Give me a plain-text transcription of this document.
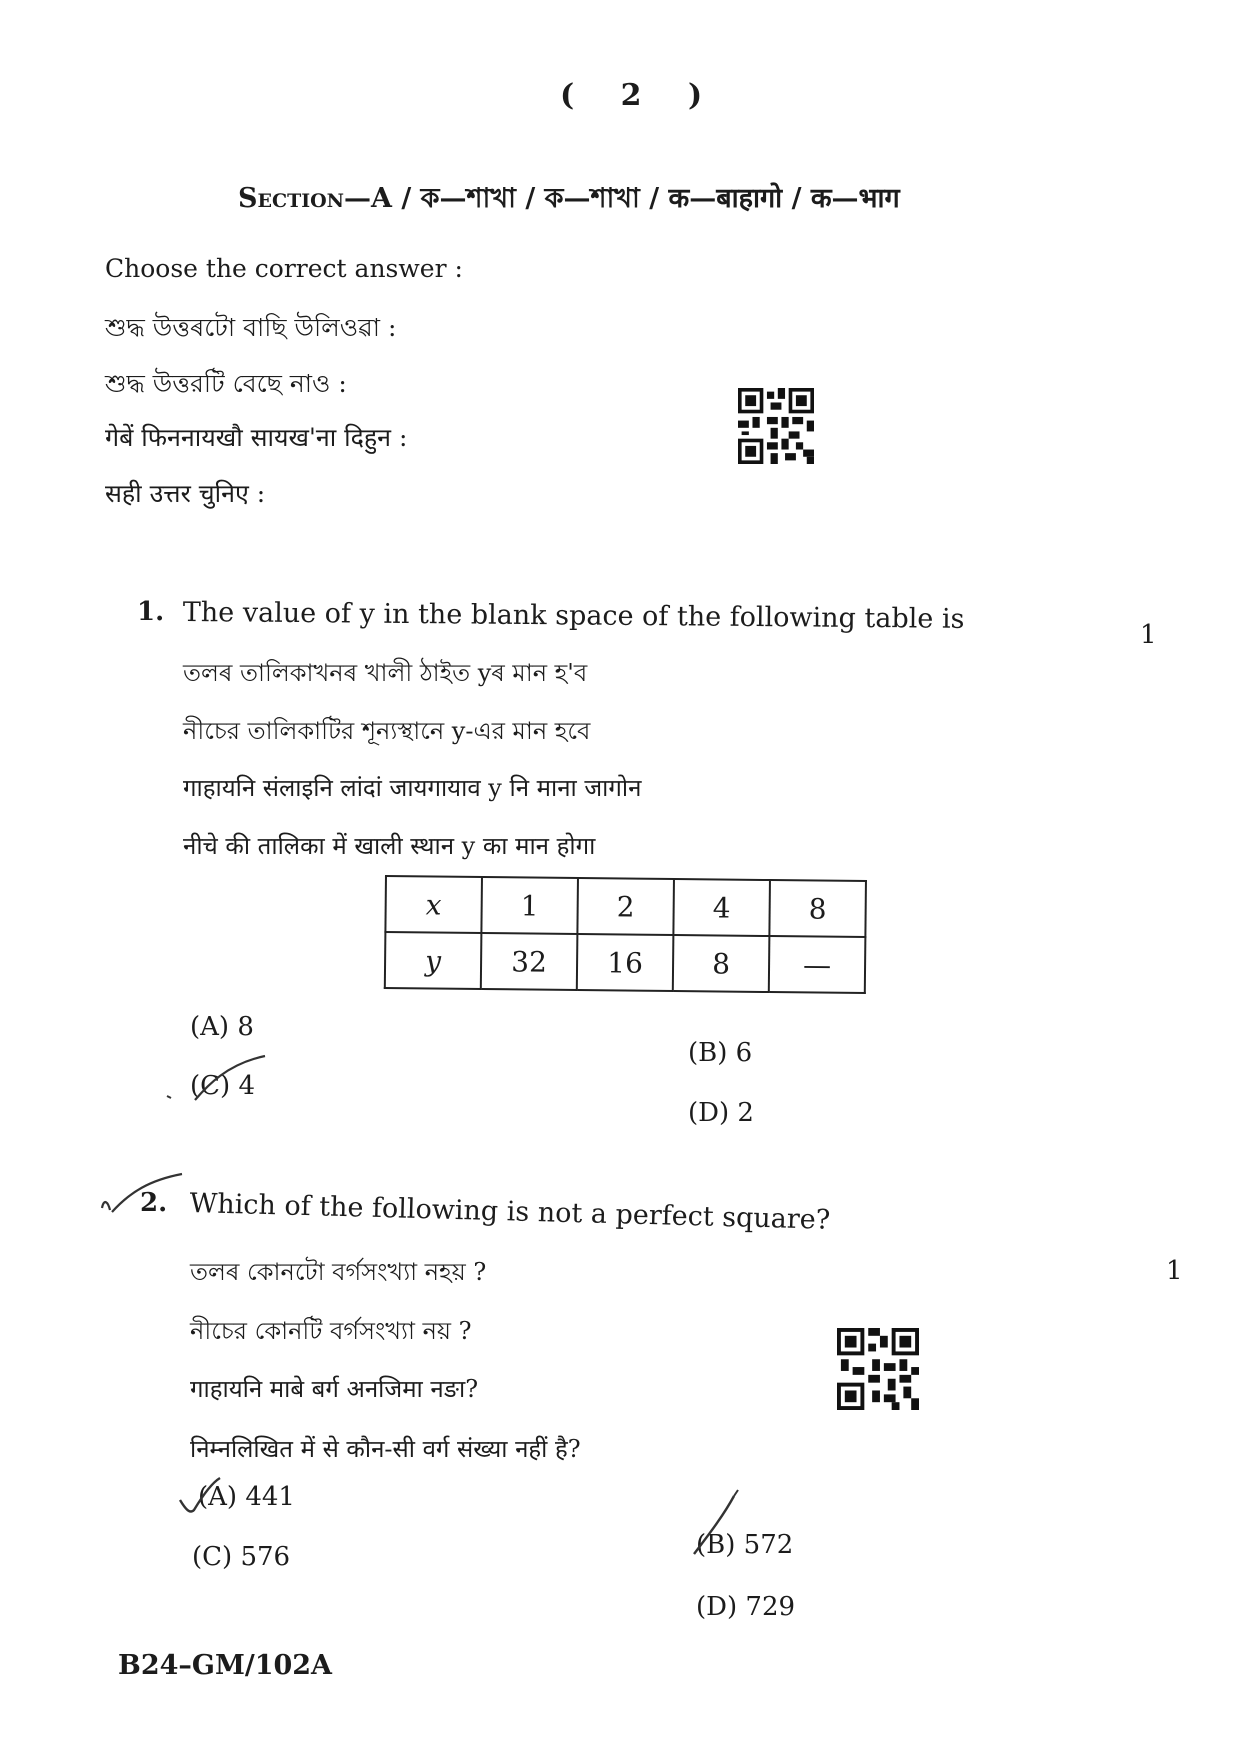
( 2 )
Section—A / ক—শাখা / ক—শাখা / क—बाहागो / क—भाग
Choose the correct answer :
শুদ্ধ উত্তৰটো বাছি উলিওৱা :
শুদ্ধ উত্তরটি বেছে নাও :
गेबें फिननायखौ सायख'ना दिहुन :
सही उत्तर चुनिए :
1. The value of y in the blank space of the following table is
1
তলৰ তালিকাখনৰ খালী ঠাইত yৰ মান হ'ব
নীচের তালিকাটির শূন্যস্থানে y-এর মান হবে
गाहायनि संलाइनि लांदां जायगायाव y नि माना जागोन
नीचे की तालिका में खाली स्थान y का मान होगा
x	1	2	4	8
y	32	16	8	—
(A) 8
(B) 6
(C) 4
(D) 2
2. Which of the following is not a perfect square?
1
তলৰ কোনটো বৰ্গসংখ্যা নহয় ?
নীচের কোনটি বর্গসংখ্যা নয় ?
गाहायनि माबे बर्ग अनजिमा नङा?
निम्नलिखित में से कौन-सी वर्ग संख्या नहीं है?
(A) 441
(B) 572
(C) 576
(D) 729
B24–GM/102A
